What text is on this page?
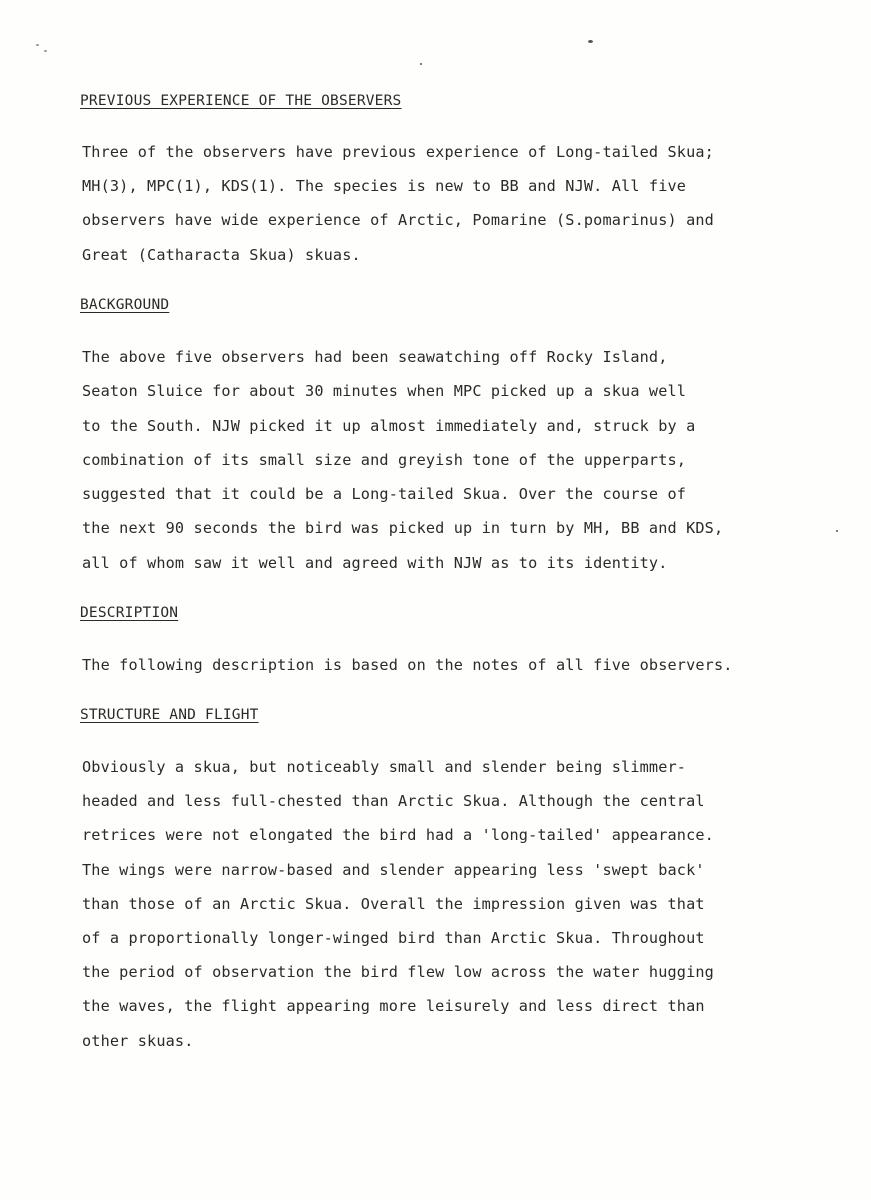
PREVIOUS EXPERIENCE OF THE OBSERVERS
Three of the observers have previous experience of Long-tailed Skua;
MH(3), MPC(1), KDS(1). The species is new to BB and NJW. All five
observers have wide experience of Arctic, Pomarine (S.pomarinus) and
Great (Catharacta Skua) skuas.
BACKGROUND
The above five observers had been seawatching off Rocky Island,
Seaton Sluice for about 30 minutes when MPC picked up a skua well
to the South. NJW picked it up almost immediately and, struck by a
combination of its small size and greyish tone of the upperparts,
suggested that it could be a Long-tailed Skua. Over the course of
the next 90 seconds the bird was picked up in turn by MH, BB and KDS,
all of whom saw it well and agreed with NJW as to its identity.
DESCRIPTION
The following description is based on the notes of all five observers.
STRUCTURE AND FLIGHT
Obviously a skua, but noticeably small and slender being slimmer-
headed and less full-chested than Arctic Skua. Although the central
retrices were not elongated the bird had a 'long-tailed' appearance.
The wings were narrow-based and slender appearing less 'swept back'
than those of an Arctic Skua. Overall the impression given was that
of a proportionally longer-winged bird than Arctic Skua. Throughout
the period of observation the bird flew low across the water hugging
the waves, the flight appearing more leisurely and less direct than
other skuas.
